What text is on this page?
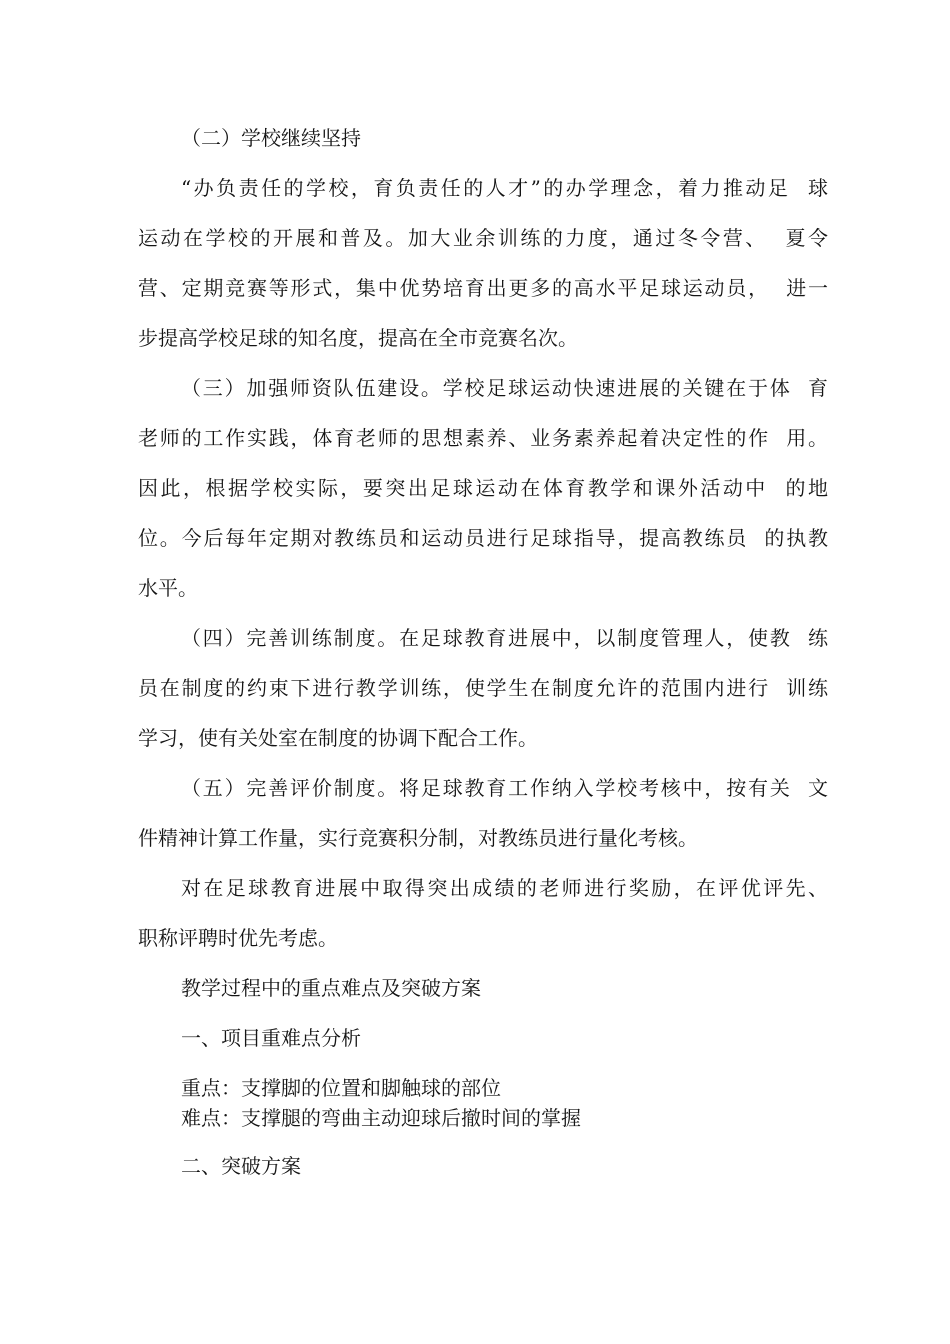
（二）学校继续坚持
“办负责任的学校，育负责任的人才”的办学理念，着力推动足  球
运动在学校的开展和普及。加大业余训练的力度，通过冬令营、  夏令
营、定期竞赛等形式，集中优势培育出更多的高水平足球运动员，  进一
步提高学校足球的知名度，提高在全市竞赛名次。
（三）加强师资队伍建设。学校足球运动快速进展的关键在于体  育
老师的工作实践，体育老师的思想素养、业务素养起着决定性的作  用。
因此，根据学校实际，要突出足球运动在体育教学和课外活动中  的地
位。今后每年定期对教练员和运动员进行足球指导，提高教练员  的执教
水平。
（四）完善训练制度。在足球教育进展中，以制度管理人，使教  练
员在制度的约束下进行教学训练，使学生在制度允许的范围内进行  训练
学习，使有关处室在制度的协调下配合工作。
（五）完善评价制度。将足球教育工作纳入学校考核中，按有关  文
件精神计算工作量，实行竞赛积分制，对教练员进行量化考核。
对在足球教育进展中取得突出成绩的老师进行奖励，在评优评先、
职称评聘时优先考虑。
教学过程中的重点难点及突破方案
一、项目重难点分析
重点：支撑脚的位置和脚触球的部位
难点：支撑腿的弯曲主动迎球后撤时间的掌握
二、突破方案
